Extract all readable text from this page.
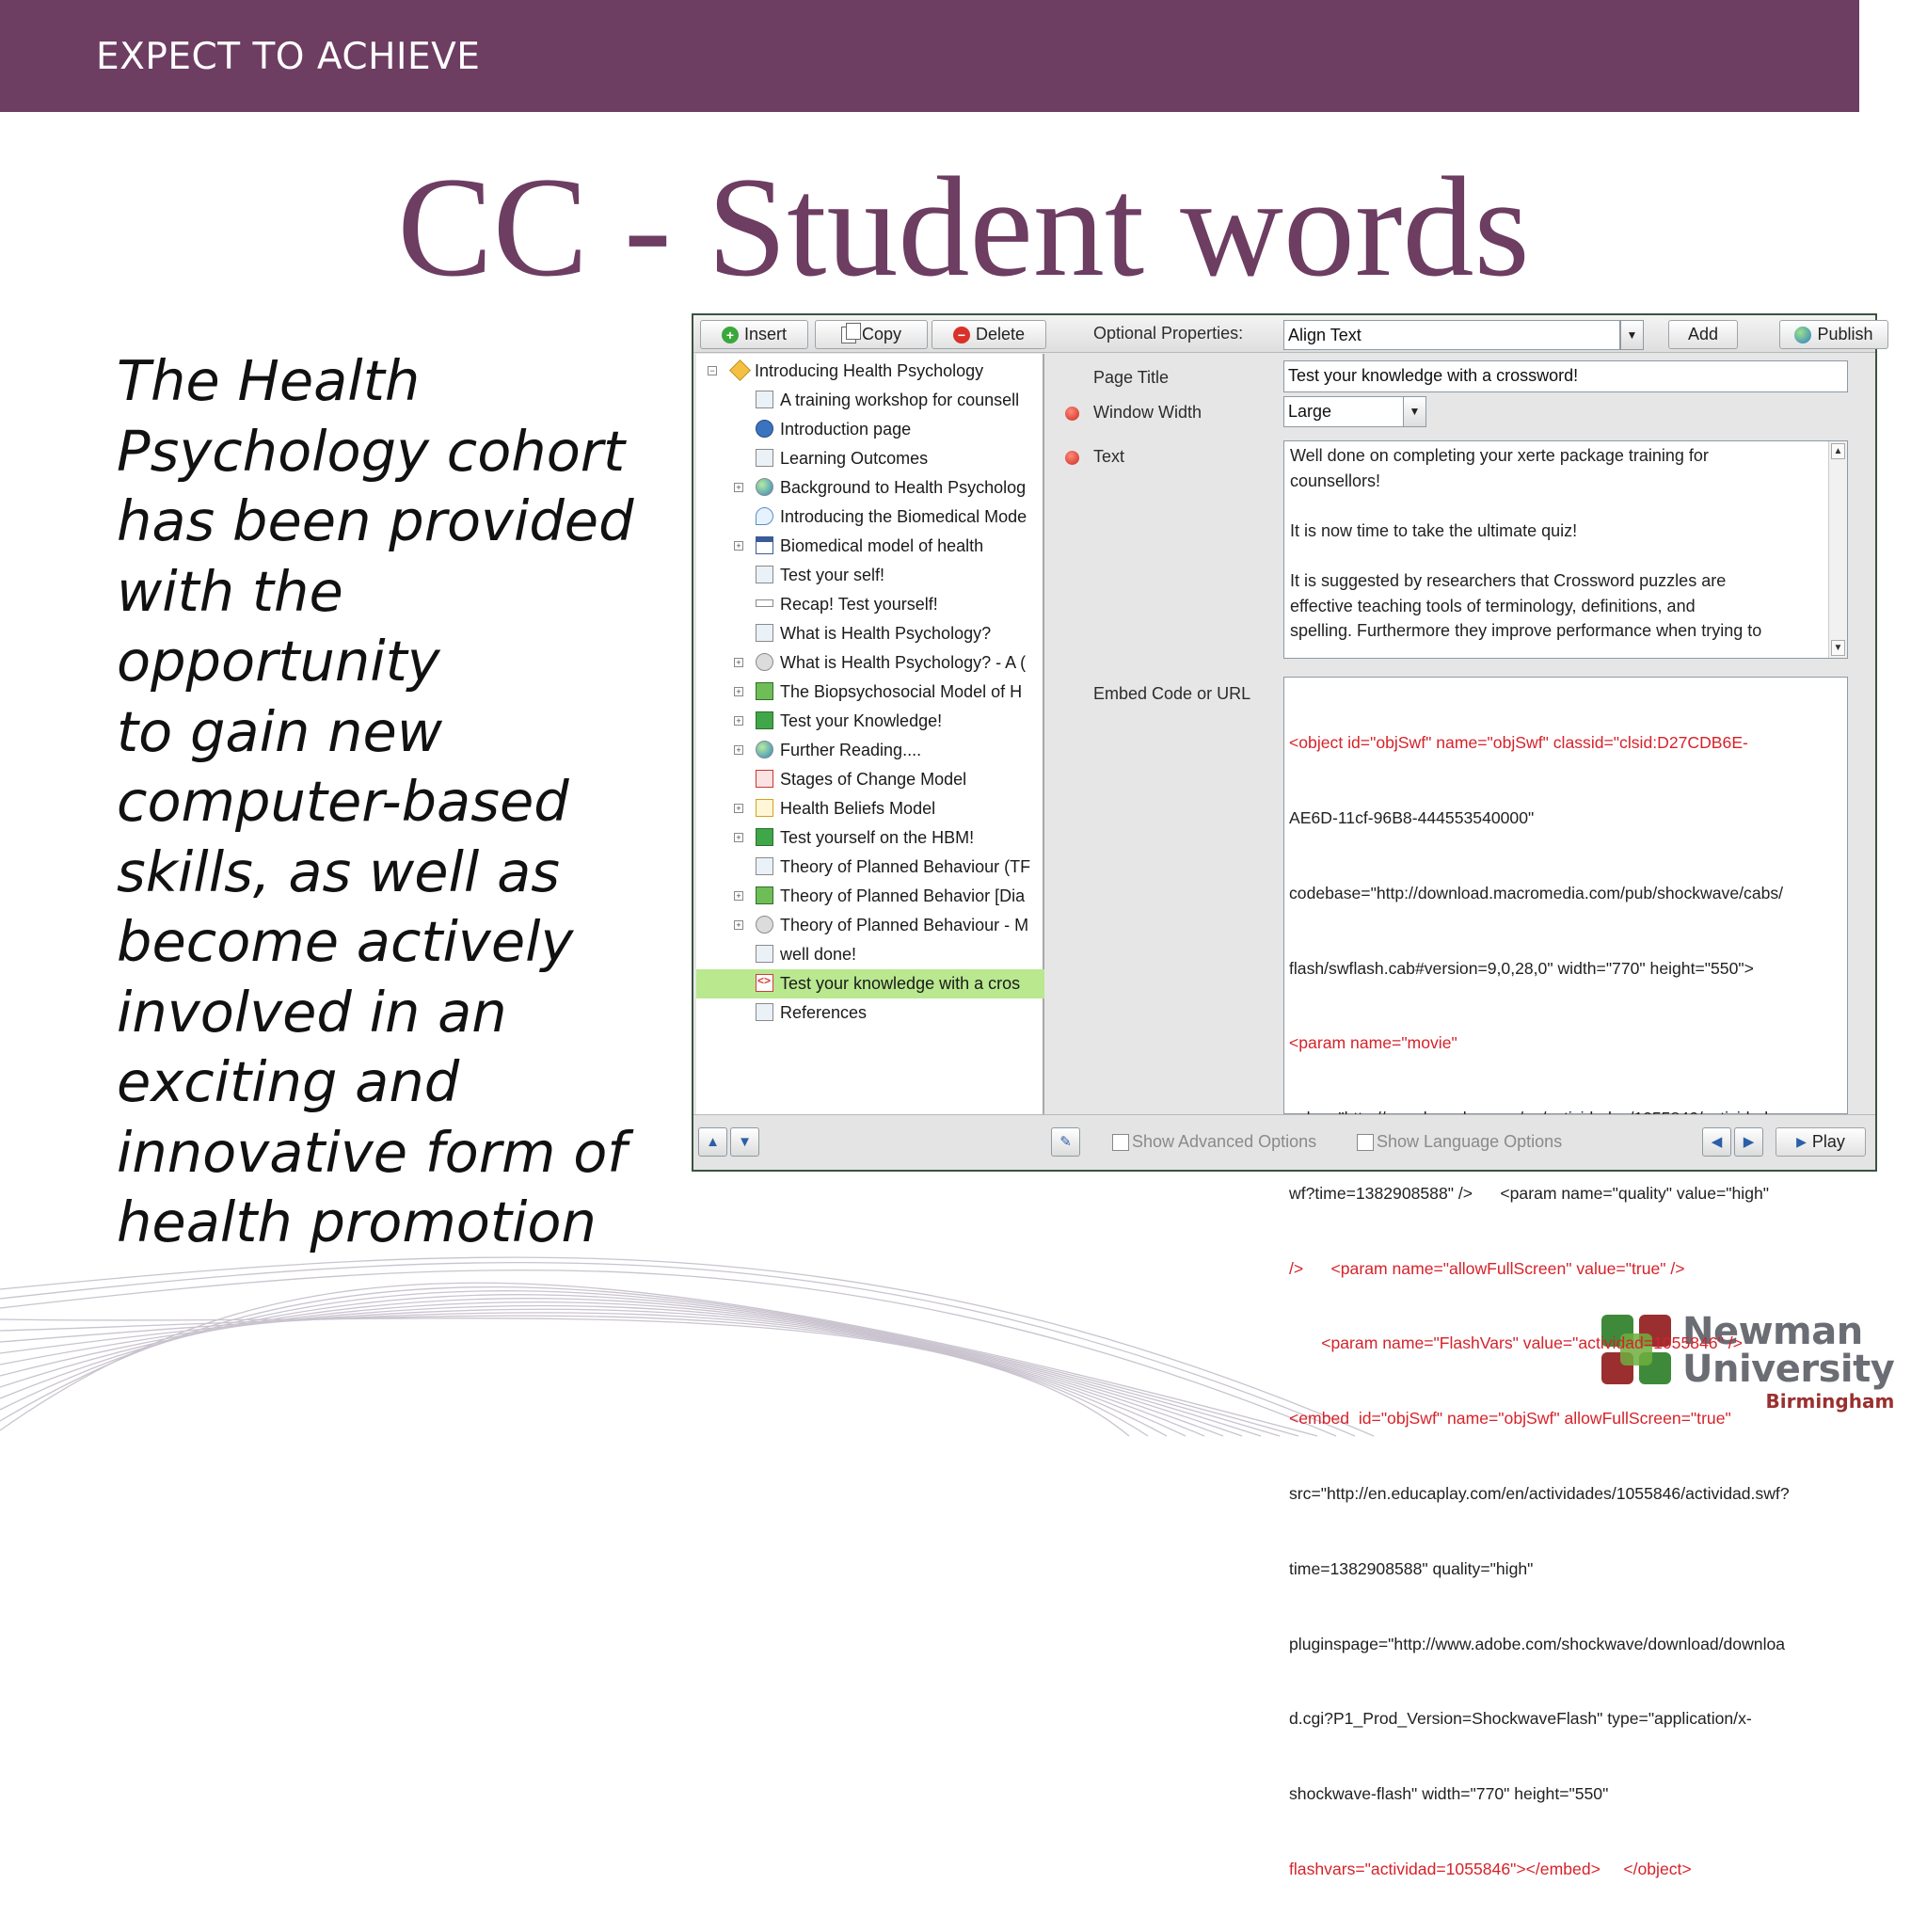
EXPECT TO ACHIEVE
CC - Student words
The Health
Psychology cohort
has been provided
with the opportunity
to gain new
computer-based
skills, as well as
become actively
involved in an
exciting and
innovative form of
health promotion
Newman
University
Birmingham
+ Insert	Copy	− Delete	Optional Properties:	Align Text	▼	Add	Publish
− Introducing Health Psychology
A training workshop for counsell
Introduction page
Learning Outcomes
+ Background to Health Psycholog
Introducing the Biomedical Mode
+ Biomedical model of health
Test your self!
Recap! Test yourself!
What is Health Psychology?
+ What is Health Psychology? - A (
+ The Biopsychosocial Model of H
+ Test your Knowledge!
+ Further Reading....
Stages of Change Model
+ Health Beliefs Model
+ Test yourself on the HBM!
Theory of Planned Behaviour (TF
+ Theory of Planned Behavior [Dia
+ Theory of Planned Behaviour - M
well done!
<>
Test your knowledge with a cros
References
Page Title	Test your knowledge with a crossword!
Window Width	Large	▼
Text	Well done on completing your xerte package training for
counsellors!
It is now time to take the ultimate quiz!
It is suggested by researchers that Crossword puzzles are
effective teaching tools of terminology, definitions, and
spelling. Furthermore they improve performance when trying to
▲
▼
Embed Code or URL

<object id="objSwf" name="objSwf" classid="clsid:D27CDB6E-

AE6D-11cf-96B8-444553540000"

codebase="http://download.macromedia.com/pub/shockwave/cabs/

flash/swflash.cab#version=9,0,28,0" width="770" height="550">

<param name="movie"

wf?time=1382908588" />      <param name="quality" value="high"

/>      <param name="allowFullScreen" value="true" />

<param name="FlashVars" value="actividad=1055846" />

<embed  id="objSwf" name="objSwf" allowFullScreen="true"

src="http://en.educaplay.com/en/actividades/1055846/actividad.swf?

time=1382908588" quality="high"

pluginspage="http://www.adobe.com/shockwave/download/downloa

d.cgi?P1_Prod_Version=ShockwaveFlash" type="application/x-

shockwave-flash" width="770" height="550"

flashvars="actividad=1055846"></embed>     </object>

▲	▼	✎	Show Advanced Options	Show Language Options	◀	▶	▶ Play
